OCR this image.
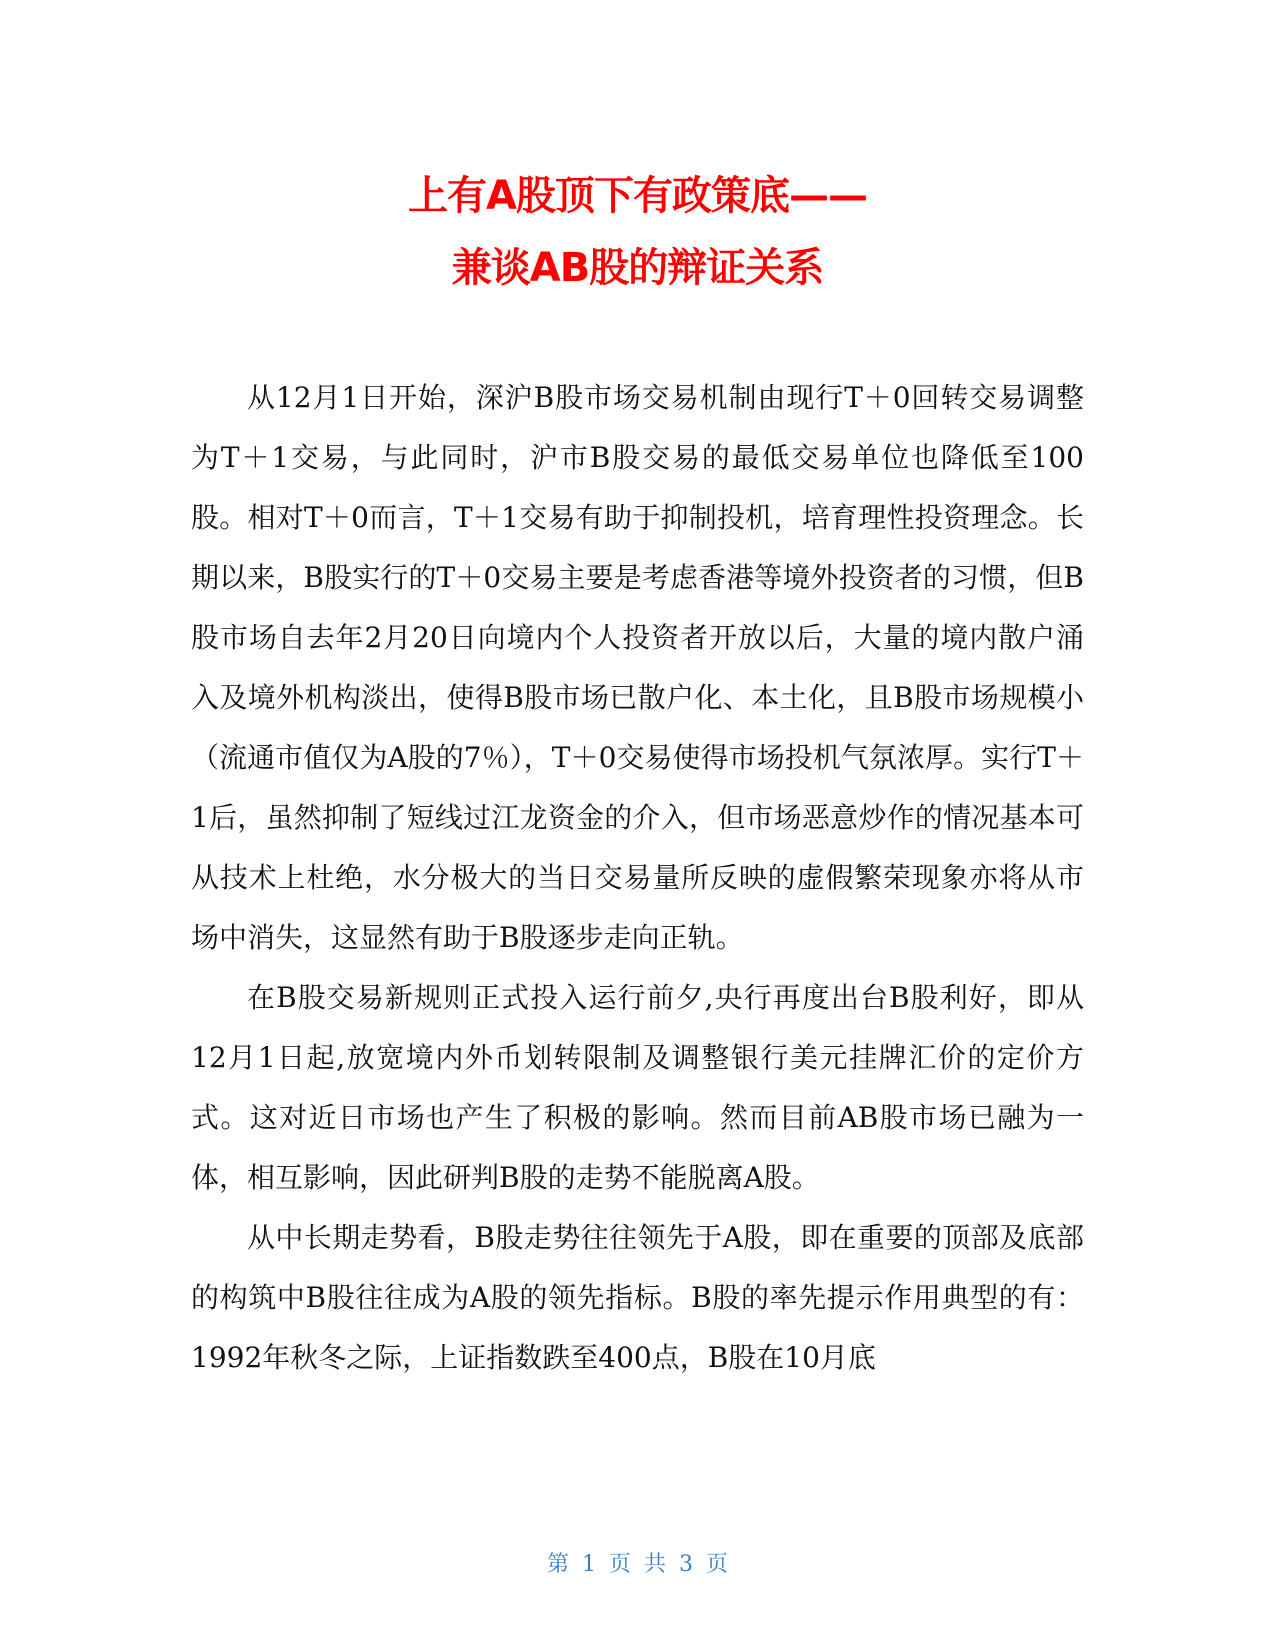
上有A股顶下有政策底——
兼谈AB股的辩证关系

从12月1日开始，深沪B股市场交易机制由现行T＋0回转交易调整为T＋1交易，与此同时，沪市B股交易的最低交易单位也降低至100股。相对T＋0而言，T＋1交易有助于抑制投机，培育理性投资理念。长期以来，B股实行的T＋0交易主要是考虑香港等境外投资者的习惯，但B股市场自去年2月20日向境内个人投资者开放以后，大量的境内散户涌入及境外机构淡出，使得B股市场已散户化、本土化，且B股市场规模小（流通市值仅为A股的7％），T＋0交易使得市场投机气氛浓厚。实行T＋1后，虽然抑制了短线过江龙资金的介入，但市场恶意炒作的情况基本可从技术上杜绝，水分极大的当日交易量所反映的虚假繁荣现象亦将从市场中消失，这显然有助于B股逐步走向正轨。

在B股交易新规则正式投入运行前夕,央行再度出台B股利好，即从12月1日起,放宽境内外币划转限制及调整银行美元挂牌汇价的定价方式。这对近日市场也产生了积极的影响。然而目前AB股市场已融为一体，相互影响，因此研判B股的走势不能脱离A股。

从中长期走势看，B股走势往往领先于A股，即在重要的顶部及底部的构筑中B股往往成为A股的领先指标。B股的率先提示作用典型的有：1992年秋冬之际，上证指数跌至400点，B股在10月底

第 1 页 共 3 页
